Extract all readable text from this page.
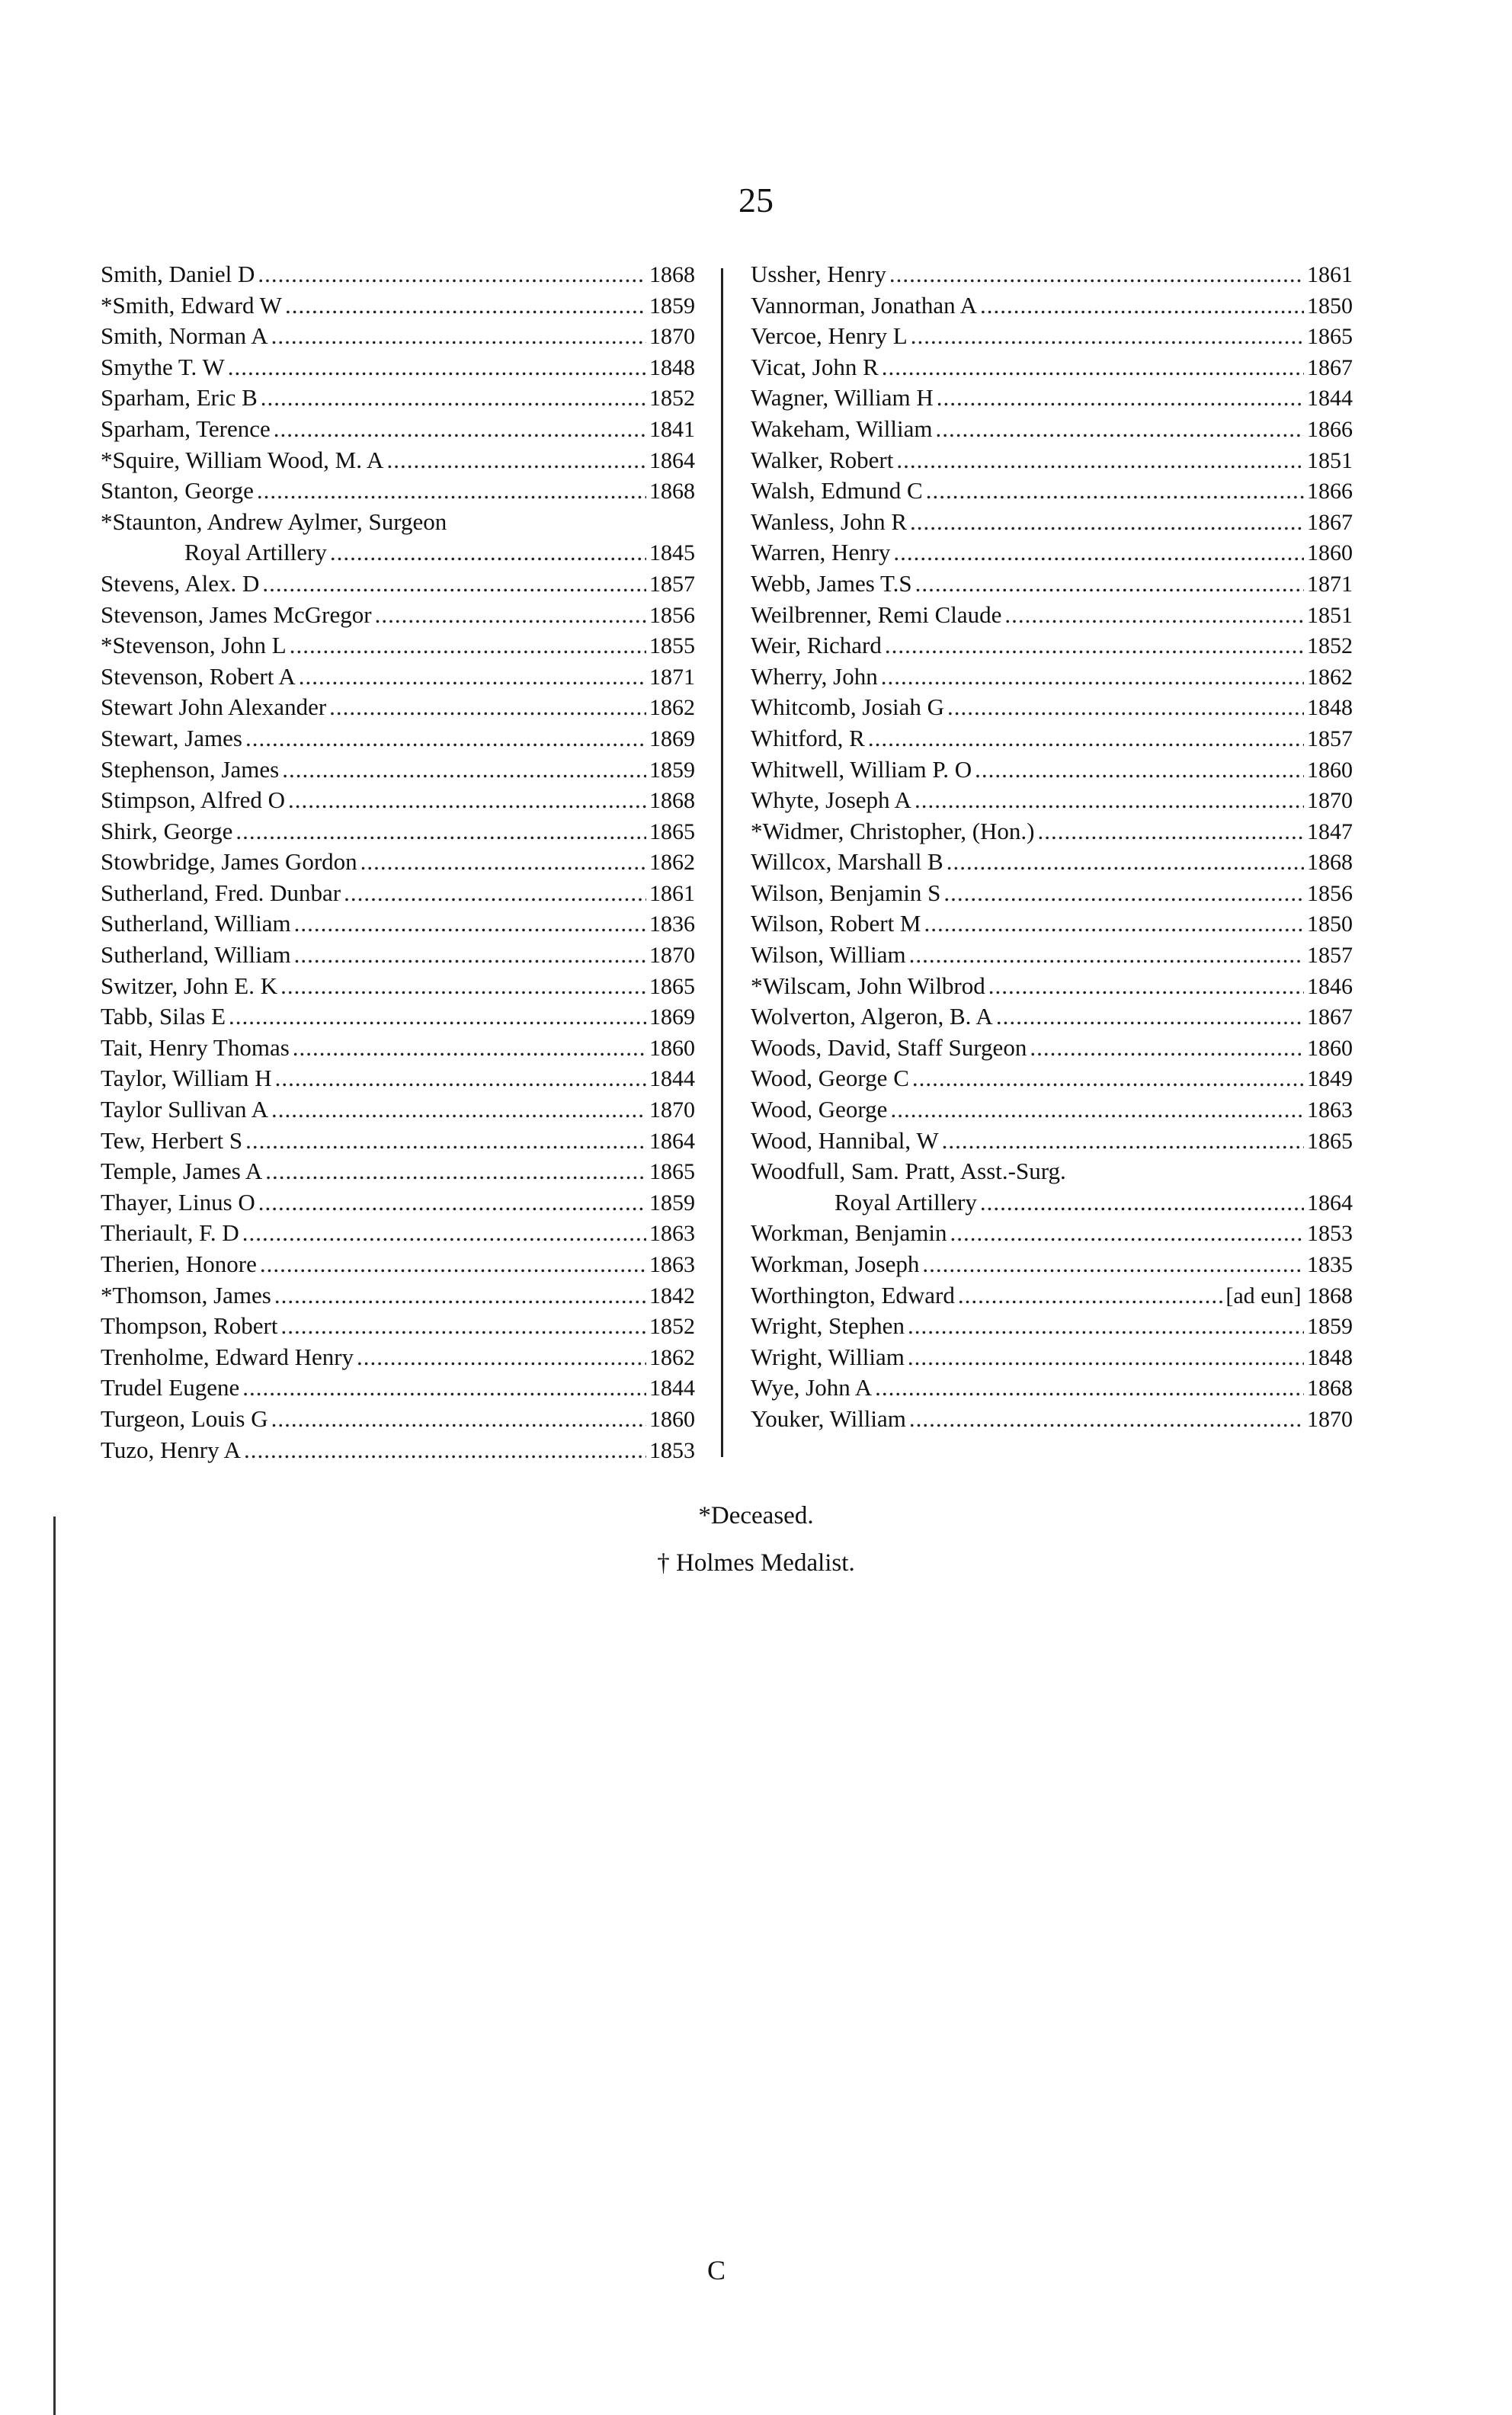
25
Smith, Daniel D .....	1868
*Smith, Edward W .....	1859
Smith, Norman A .....	1870
Smythe T. W .....	1848
Sparham, Eric B .....	1852
Sparham, Terence .....	1841
*Squire, William Wood, M. A .....	1864
Stanton, George .....	1868
*Staunton, Andrew Aylmer, Surgeon
Royal Artillery .....	1845
Stevens, Alex. D .....	1857
Stevenson, James McGregor .....	1856
*Stevenson, John L .....	1855
Stevenson, Robert A .....	1871
Stewart John Alexander .....	1862
Stewart, James .....	1869
Stephenson, James .....	1859
Stimpson, Alfred O .....	1868
Shirk, George .....	1865
Stowbridge, James Gordon .....	1862
Sutherland, Fred. Dunbar .....	1861
Sutherland, William .....	1836
Sutherland, William .....	1870
Switzer, John E. K .....	1865
Tabb, Silas E .....	1869
Tait, Henry Thomas .....	1860
Taylor, William H .....	1844
Taylor Sullivan A .....	1870
Tew, Herbert S .....	1864
Temple, James A .....	1865
Thayer, Linus O .....	1859
Theriault, F. D .....	1863
Therien, Honore .....	1863
*Thomson, James .....	1842
Thompson, Robert .....	1852
Trenholme, Edward Henry .....	1862
Trudel Eugene .....	1844
Turgeon, Louis G .....	1860
Tuzo, Henry A .....	1853
Ussher, Henry .....	1861
Vannorman, Jonathan A .....	1850
Vercoe, Henry L .....	1865
Vicat, John R .....	1867
Wagner, William H .....	1844
Wakeham, William .....	1866
Walker, Robert .....	1851
Walsh, Edmund C .....	1866
Wanless, John R .....	1867
Warren, Henry .....	1860
Webb, James T.S .....	1871
Weilbrenner, Remi Claude .....	1851
Weir, Richard .....	1852
Wherry, John .....	1862
Whitcomb, Josiah G .....	1848
Whitford, R .....	1857
Whitwell, William P. O .....	1860
Whyte, Joseph A .....	1870
*Widmer, Christopher, (Hon.) .....	1847
Willcox, Marshall B .....	1868
Wilson, Benjamin S .....	1856
Wilson, Robert M .....	1850
Wilson, William .....	1857
*Wilscam, John Wilbrod .....	1846
Wolverton, Algeron, B. A .....	1867
Woods, David, Staff Surgeon .....	1860
Wood, George C .....	1849
Wood, George .....	1863
Wood, Hannibal, W .....	1865
Woodfull, Sam. Pratt, Asst.-Surg.
Royal Artillery .....	1864
Workman, Benjamin .....	1853
Workman, Joseph .....	1835
Worthington, Edward .....	[ad eun] 1868
Wright, Stephen .....	1859
Wright, William .....	1848
Wye, John A .....	1868
Youker, William .....	1870
*Deceased.
† Holmes Medalist.
C
